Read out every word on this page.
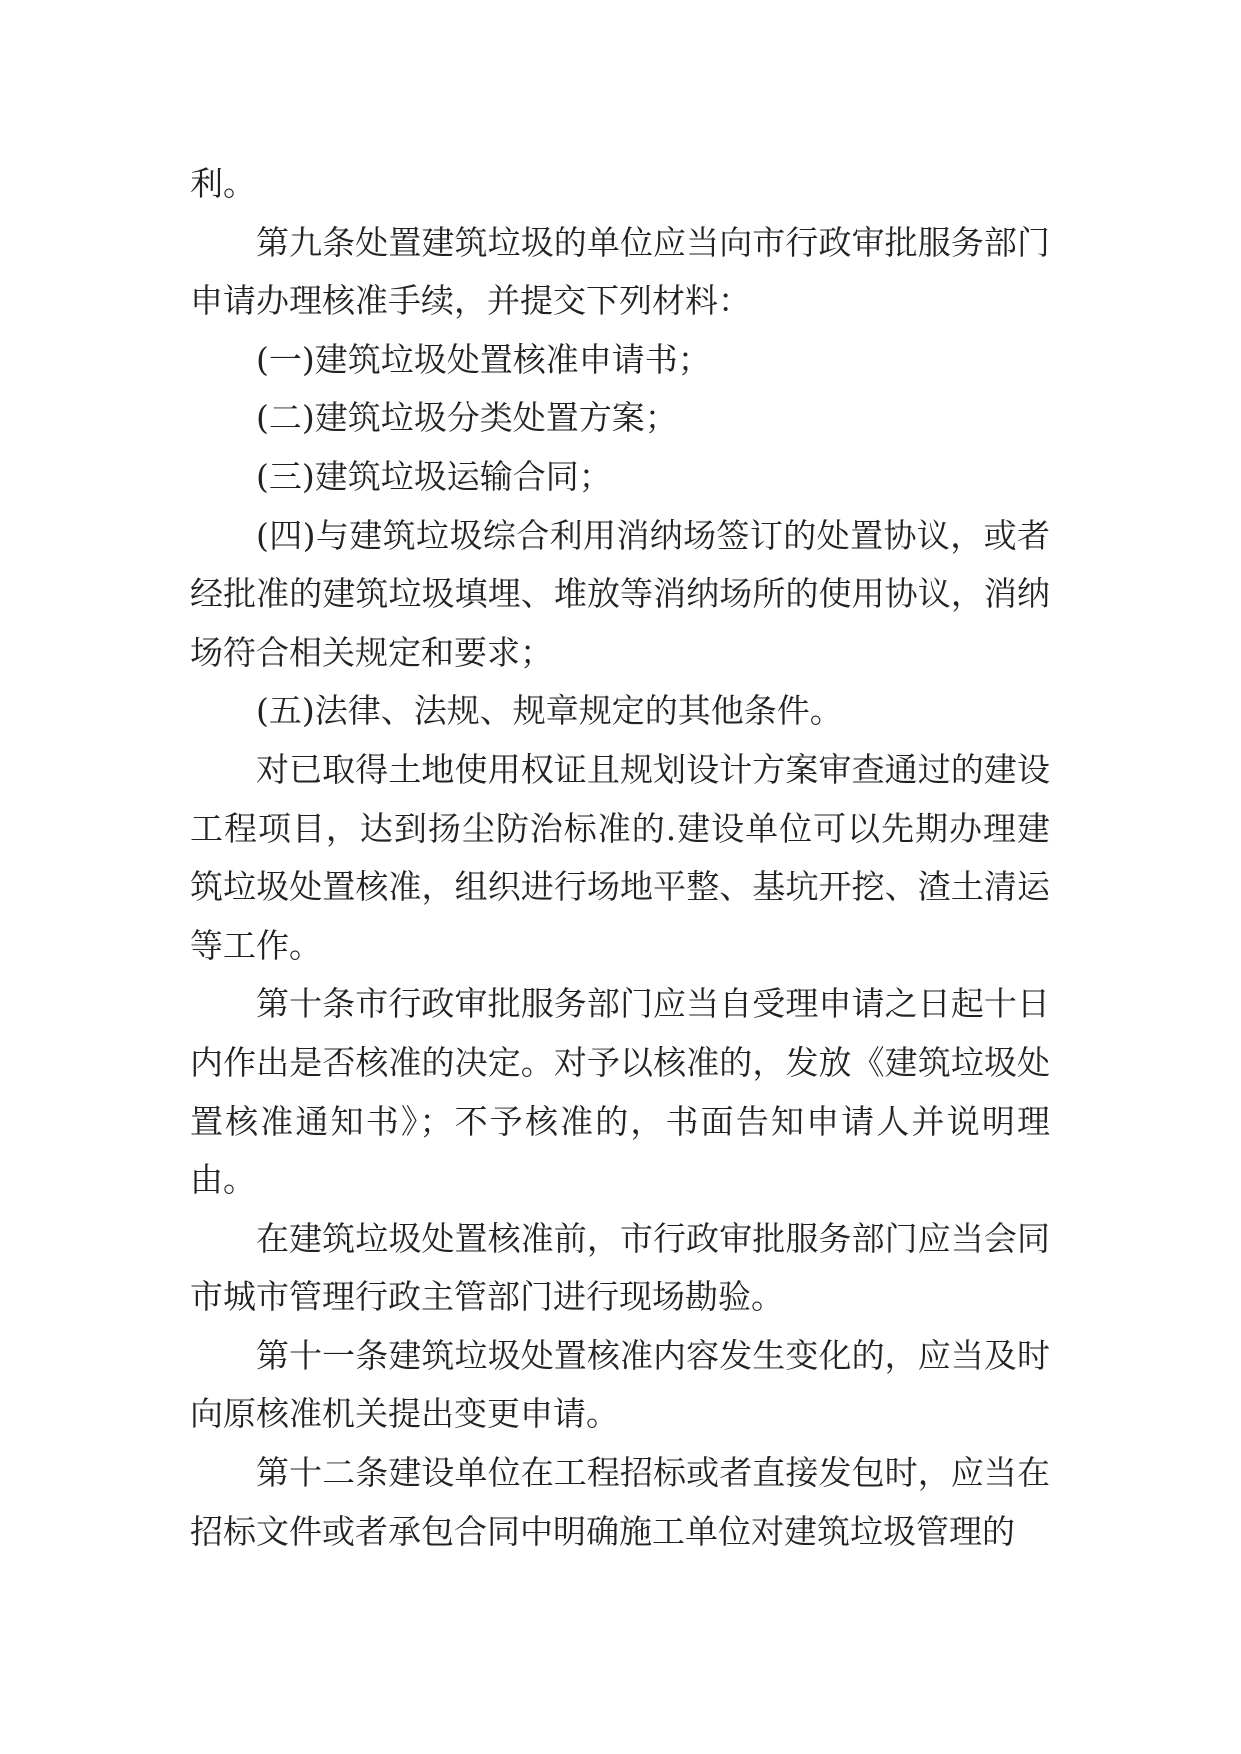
利。

第九条处置建筑垃圾的单位应当向市行政审批服务部门申请办理核准手续，并提交下列材料：

(一)建筑垃圾处置核准申请书；

(二)建筑垃圾分类处置方案；

(三)建筑垃圾运输合同；

(四)与建筑垃圾综合利用消纳场签订的处置协议，或者经批准的建筑垃圾填埋、堆放等消纳场所的使用协议，消纳场符合相关规定和要求；

(五)法律、法规、规章规定的其他条件。

对已取得土地使用权证且规划设计方案审查通过的建设工程项目，达到扬尘防治标准的.建设单位可以先期办理建筑垃圾处置核准，组织进行场地平整、基坑开挖、渣土清运等工作。

第十条市行政审批服务部门应当自受理申请之日起十日内作出是否核准的决定。对予以核准的，发放《建筑垃圾处置核准通知书》；不予核准的，书面告知申请人并说明理由。

在建筑垃圾处置核准前，市行政审批服务部门应当会同市城市管理行政主管部门进行现场勘验。

第十一条建筑垃圾处置核准内容发生变化的，应当及时向原核准机关提出变更申请。

第十二条建设单位在工程招标或者直接发包时，应当在招标文件或者承包合同中明确施工单位对建筑垃圾管理的
